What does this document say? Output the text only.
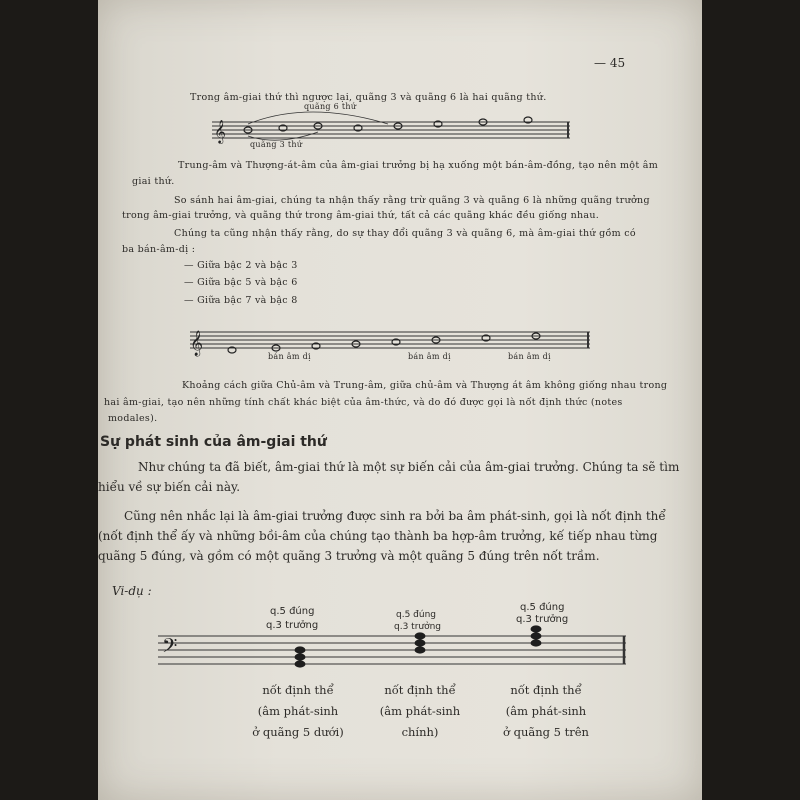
— 45
Trong âm-giai thứ thì ngược lại, quãng 3 và quãng 6 là hai quãng thứ.
𝄞
quãng 6 thứ
quãng 3 thứ
Trung-âm và Thượng-át-âm của âm-giai trưởng bị hạ xuống một bán-âm-đồng, tạo nên một âm
giai thứ.
So sánh hai âm-giai, chúng ta nhận thấy rằng trừ quãng 3 và quãng 6 là những quãng trưởng
trong âm-giai trưởng, và quãng thứ trong âm-giai thứ, tất cả các quãng khác đều giống nhau.
Chúng ta cũng nhận thấy rằng, do sự thay đổi quãng 3 và quãng 6, mà âm-giai thứ gồm có
ba bán-âm-dị :
— Giữa bậc 2 và bậc 3
— Giữa bậc 5 và bậc 6
— Giữa bậc 7 và bậc 8
𝄞
bán âm dị	bán âm dị	bán âm dị
Khoảng cách giữa Chủ-âm và Trung-âm, giữa chủ-âm và Thượng át âm không giống nhau trong
hai âm-giai, tạo nên những tính chất khác biệt của âm-thức, và do đó được gọi là nốt định thức (notes
modales).
Sự phát sinh của âm-giai thứ
Như chúng ta đã biết, âm-giai thứ là một sự biến cải của âm-giai trưởng. Chúng ta sẽ tìm
hiểu về sự biến cải này.
Cũng nên nhắc lại là âm-giai trưởng được sinh ra bởi ba âm phát-sinh, gọi là nốt định thể
(nốt định thể ấy và những bồi-âm của chúng tạo thành ba hợp-âm trưởng, kế tiếp nhau từng
quãng 5 đúng, và gồm có một quãng 3 trưởng và một quãng 5 đúng trên nốt trầm.
Vi-dụ :
q.5 đúng
q.3 trưởng
q.5 đúng
q.3 trưởng
q.5 đúng
q.3 trưởng
𝄢
nốt định thể
(âm phát-sinh
ở quãng 5 dưới)
nốt định thể
(âm phát-sinh
chính)
nốt định thể
(âm phát-sinh
ở quãng 5 trên
